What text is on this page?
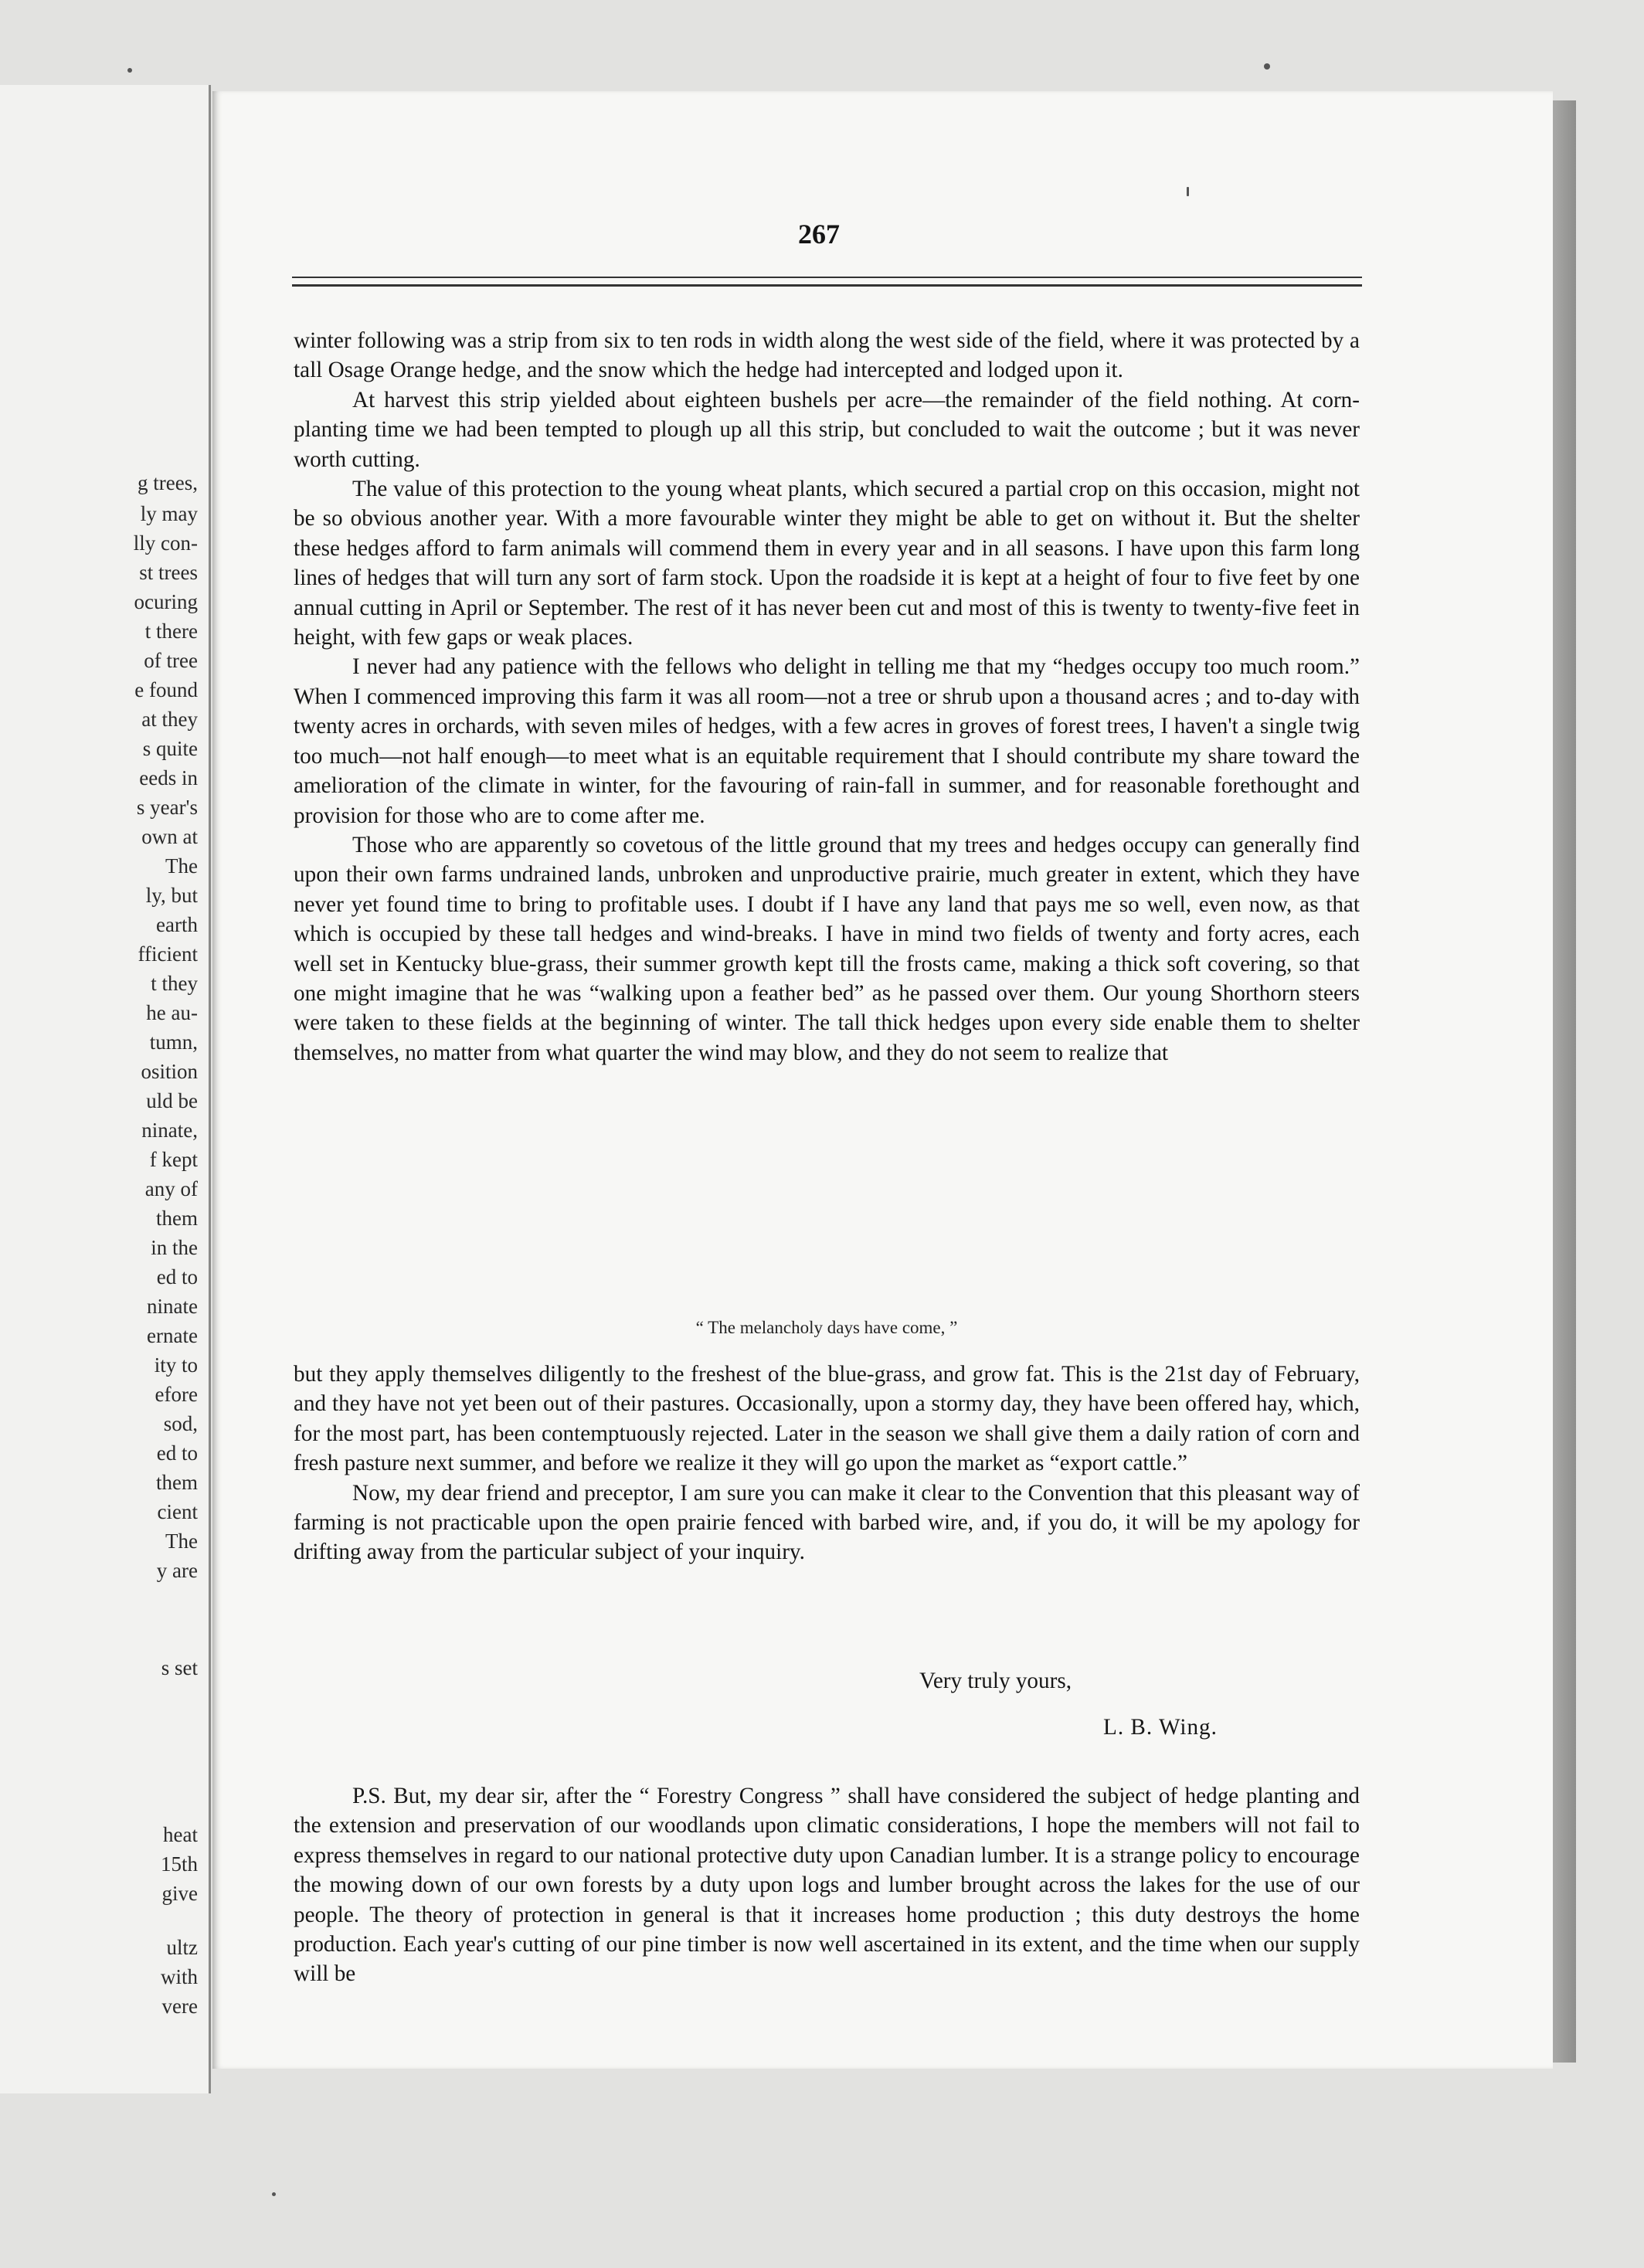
g trees,
ly may
lly con-
st trees
ocuring
t there
of tree
e found
at they
s quite
eeds in
s year's
own at
The
ly, but
earth
fficient
t they
he au-
tumn,
osition
uld be
ninate,
f kept
any of
them
in the
ed to
ninate
ernate
ity to
efore
sod,
ed to
them
cient
The
y are
s set
heat
15th
give
ultz
with
vere
267

winter following was a strip from six to ten rods in width along the west side of the field, where it was protected by a tall Osage Orange hedge, and the snow which the hedge had intercepted and lodged upon it.

At harvest this strip yielded about eighteen bushels per acre—the remainder of the field nothing. At corn-planting time we had been tempted to plough up all this strip, but concluded to wait the outcome ; but it was never worth cutting.

The value of this protection to the young wheat plants, which secured a partial crop on this occasion, might not be so obvious another year. With a more favourable winter they might be able to get on without it. But the shelter these hedges afford to farm animals will commend them in every year and in all seasons. I have upon this farm long lines of hedges that will turn any sort of farm stock. Upon the roadside it is kept at a height of four to five feet by one annual cutting in April or September. The rest of it has never been cut and most of this is twenty to twenty-five feet in height, with few gaps or weak places.

I never had any patience with the fellows who delight in telling me that my “hedges occupy too much room.” When I commenced improving this farm it was all room—not a tree or shrub upon a thousand acres ; and to-day with twenty acres in orchards, with seven miles of hedges, with a few acres in groves of forest trees, I haven't a single twig too much—not half enough—to meet what is an equitable requirement that I should contribute my share toward the amelioration of the climate in winter, for the favouring of rain-fall in summer, and for reasonable forethought and provision for those who are to come after me.

Those who are apparently so covetous of the little ground that my trees and hedges occupy can generally find upon their own farms undrained lands, unbroken and unproductive prairie, much greater in extent, which they have never yet found time to bring to profitable uses. I doubt if I have any land that pays me so well, even now, as that which is occupied by these tall hedges and wind-breaks. I have in mind two fields of twenty and forty acres, each well set in Kentucky blue-grass, their summer growth kept till the frosts came, making a thick soft covering, so that one might imagine that he was “walking upon a feather bed” as he passed over them. Our young Shorthorn steers were taken to these fields at the beginning of winter. The tall thick hedges upon every side enable them to shelter themselves, no matter from what quarter the wind may blow, and they do not seem to realize that

“ The melancholy days have come, ”

but they apply themselves diligently to the freshest of the blue-grass, and grow fat. This is the 21st day of February, and they have not yet been out of their pastures. Occasionally, upon a stormy day, they have been offered hay, which, for the most part, has been contemptuously rejected. Later in the season we shall give them a daily ration of corn and fresh pasture next summer, and before we realize it they will go upon the market as “export cattle.”

Now, my dear friend and preceptor, I am sure you can make it clear to the Convention that this pleasant way of farming is not practicable upon the open prairie fenced with barbed wire, and, if you do, it will be my apology for drifting away from the particular subject of your inquiry.

Very truly yours,
L. B. Wing.

P.S. But, my dear sir, after the “ Forestry Congress ” shall have considered the subject of hedge planting and the extension and preservation of our woodlands upon climatic considerations, I hope the members will not fail to express themselves in regard to our national protective duty upon Canadian lumber. It is a strange policy to encourage the mowing down of our own forests by a duty upon logs and lumber brought across the lakes for the use of our people. The theory of protection in general is that it increases home production ; this duty destroys the home production. Each year's cutting of our pine timber is now well ascertained in its extent, and the time when our supply will be
